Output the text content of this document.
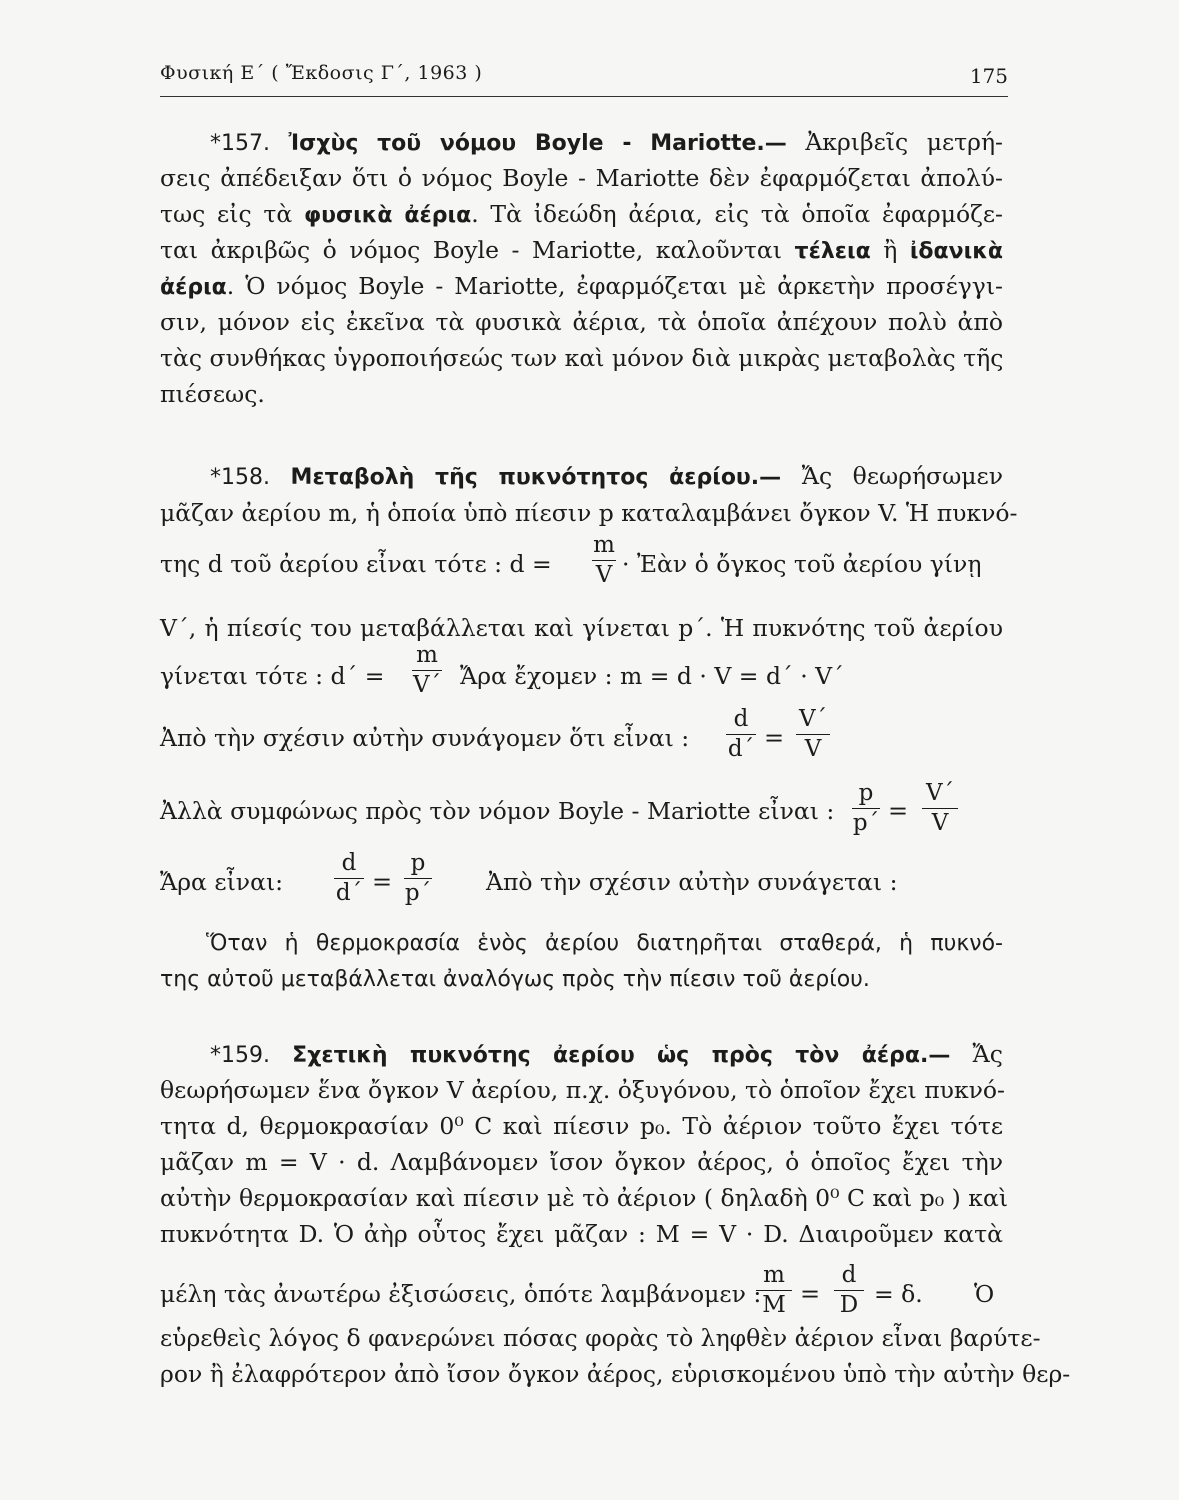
Φυσική Ε΄ ( Ἔκδοσις Γ΄, 1963 )	175
*157. Ἰσχὺς τοῦ νόμου Boyle - Mariotte.— Ἀκριβεῖς μετρή-
σεις ἀπέδειξαν ὅτι ὁ νόμος Boyle - Mariotte δὲν ἐφαρμόζεται ἀπολύ-
τως εἰς τὰ φυσικὰ ἀέρια. Τὰ ἰδεώδη ἀέρια, εἰς τὰ ὁποῖα ἐφαρμόζε-
ται ἀκριβῶς ὁ νόμος Boyle - Mariotte, καλοῦνται τέλεια ἢ ἰδανικὰ
ἀέρια. Ὁ νόμος Boyle - Mariotte, ἐφαρμόζεται μὲ ἀρκετὴν προσέγγι-
σιν, μόνον εἰς ἐκεῖνα τὰ φυσικὰ ἀέρια, τὰ ὁποῖα ἀπέχουν πολὺ ἀπὸ
τὰς συνθήκας ὑγροποιήσεώς των καὶ μόνον διὰ μικρὰς μεταβολὰς τῆς
πιέσεως.
*158. Μεταβολὴ τῆς πυκνότητος ἀερίου.— Ἄς θεωρήσωμεν
μᾶζαν ἀερίου m, ἡ ὁποία ὑπὸ πίεσιν p καταλαμβάνει ὄγκον V. Ἡ πυκνό-
της d τοῦ ἀερίου εἶναι τότε : d =
m
V · Ἐὰν ὁ ὄγκος τοῦ ἀερίου γίνῃ
V΄, ἡ πίεσίς του μεταβάλλεται καὶ γίνεται p΄. Ἡ πυκνότης τοῦ ἀερίου
γίνεται τότε : d΄ =
m
V΄ Ἄρα ἔχομεν : m = d · V = d΄ · V΄
Ἀπὸ τὴν σχέσιν αὐτὴν συνάγομεν ὅτι εἶναι :
d
d΄ =
V΄
V
Ἀλλὰ συμφώνως πρὸς τὸν νόμον Boyle - Mariotte εἶναι :
p
p΄ =
V΄
V
Ἄρα εἶναι:
d
d΄ =
p
p΄ Ἀπὸ τὴν σχέσιν αὐτὴν συνάγεται :
Ὅταν ἡ θερμοκρασία ἑνὸς ἀερίου διατηρῆται σταθερά, ἡ πυκνό-
της αὐτοῦ μεταβάλλεται ἀναλόγως πρὸς τὴν πίεσιν τοῦ ἀερίου.
*159. Σχετικὴ πυκνότης ἀερίου ὡς πρὸς τὸν ἀέρα.— Ἄς
θεωρήσωμεν ἕνα ὄγκον V ἀερίου, π.χ. ὀξυγόνου, τὸ ὁποῖον ἔχει πυκνό-
τητα d, θερμοκρασίαν 0⁰ C καὶ πίεσιν p₀. Τὸ ἀέριον τοῦτο ἔχει τότε
μᾶζαν m = V · d. Λαμβάνομεν ἴσον ὄγκον ἀέρος, ὁ ὁποῖος ἔχει τὴν
αὐτὴν θερμοκρασίαν καὶ πίεσιν μὲ τὸ ἀέριον ( δηλαδὴ 0⁰ C καὶ p₀ ) καὶ
πυκνότητα D. Ὁ ἀὴρ οὗτος ἔχει μᾶζαν : M = V · D. Διαιροῦμεν κατὰ
μέλη τὰς ἀνωτέρω ἐξισώσεις, ὁπότε λαμβάνομεν :
m
M =
d
D = δ. Ὁ
εὑρεθεὶς λόγος δ φανερώνει πόσας φορὰς τὸ ληφθὲν ἀέριον εἶναι βαρύτε-
ρον ἢ ἐλαφρότερον ἀπὸ ἴσον ὄγκον ἀέρος, εὑρισκομένου ὑπὸ τὴν αὐτὴν θερ-
